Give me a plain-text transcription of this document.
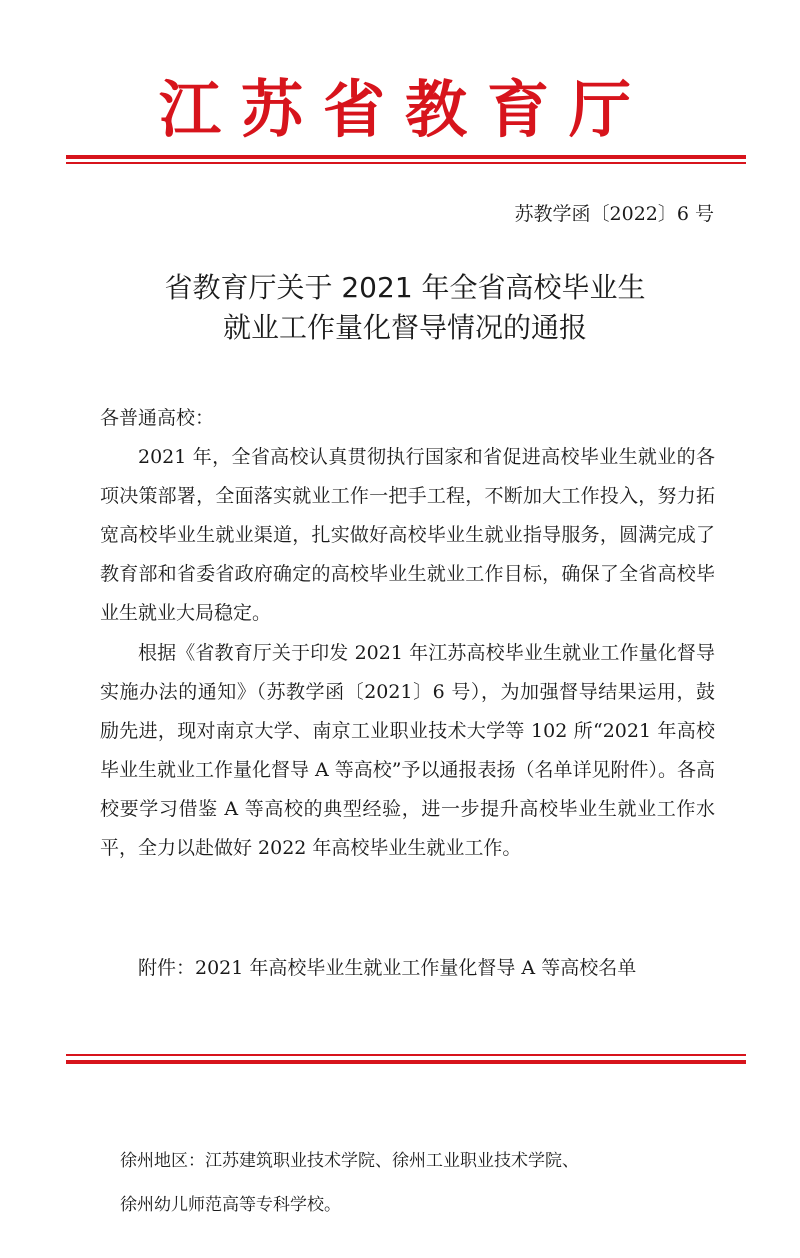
江苏省教育厅
苏教学函〔2022〕6 号
省教育厅关于 2021 年全省高校毕业生
就业工作量化督导情况的通报
各普通高校：

2021 年，全省高校认真贯彻执行国家和省促进高校毕业生就业的各项决策部署，全面落实就业工作一把手工程，不断加大工作投入，努力拓宽高校毕业生就业渠道，扎实做好高校毕业生就业指导服务，圆满完成了教育部和省委省政府确定的高校毕业生就业工作目标，确保了全省高校毕业生就业大局稳定。

根据《省教育厅关于印发 2021 年江苏高校毕业生就业工作量化督导实施办法的通知》（苏教学函〔2021〕6 号），为加强督导结果运用，鼓励先进，现对南京大学、南京工业职业技术大学等 102 所“2021 年高校毕业生就业工作量化督导 A 等高校”予以通报表扬（名单详见附件）。各高校要学习借鉴 A 等高校的典型经验，进一步提升高校毕业生就业工作水平，全力以赴做好 2022 年高校毕业生就业工作。

附件：2021 年高校毕业生就业工作量化督导 A 等高校名单
徐州地区：江苏建筑职业技术学院、徐州工业职业技术学院、
徐州幼儿师范高等专科学校。
